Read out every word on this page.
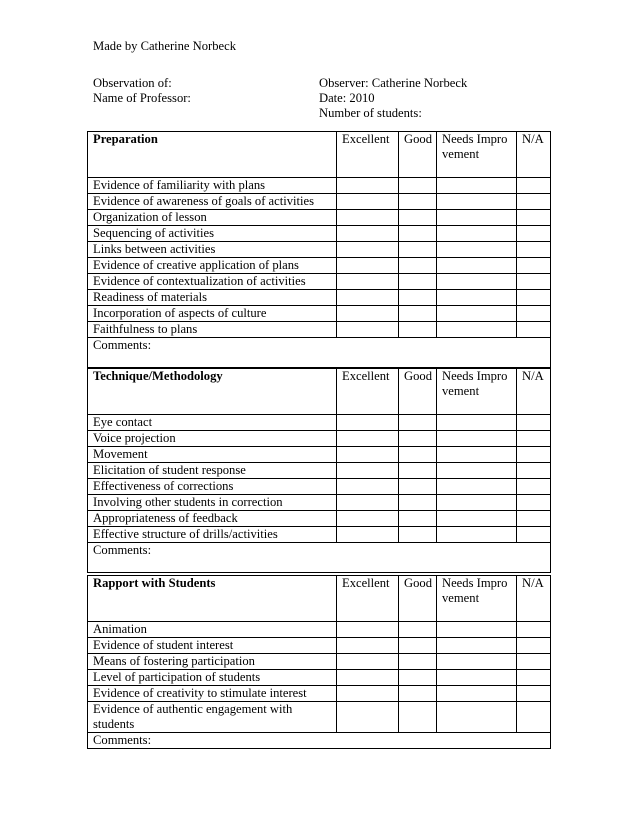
Made by Catherine Norbeck
Observation of:
Name of Professor:
Observer: Catherine Norbeck
Date: 2010
Number of students:
Preparation	Excellent	Good	Needs Improvement	N/A
Evidence of familiarity with plans				
Evidence of awareness of goals of activities				
Organization of lesson				
Sequencing of activities				
Links between activities				
Evidence of creative application of plans				
Evidence of contextualization of activities				
Readiness of materials				
Incorporation of aspects of culture				
Faithfulness to plans				
Comments:				
Technique/Methodology	Excellent	Good	Needs Improvement	N/A
Eye contact				
Voice projection				
Movement				
Elicitation of student response				
Effectiveness of corrections				
Involving other students in correction				
Appropriateness of feedback				
Effective structure of drills/activities				
Comments:				
Rapport with Students	Excellent	Good	Needs Improvement	N/A
Animation				
Evidence of student interest				
Means of fostering participation				
Level of participation of students				
Evidence of creativity to stimulate interest				
Evidence of authentic engagement with students				
Comments:				
